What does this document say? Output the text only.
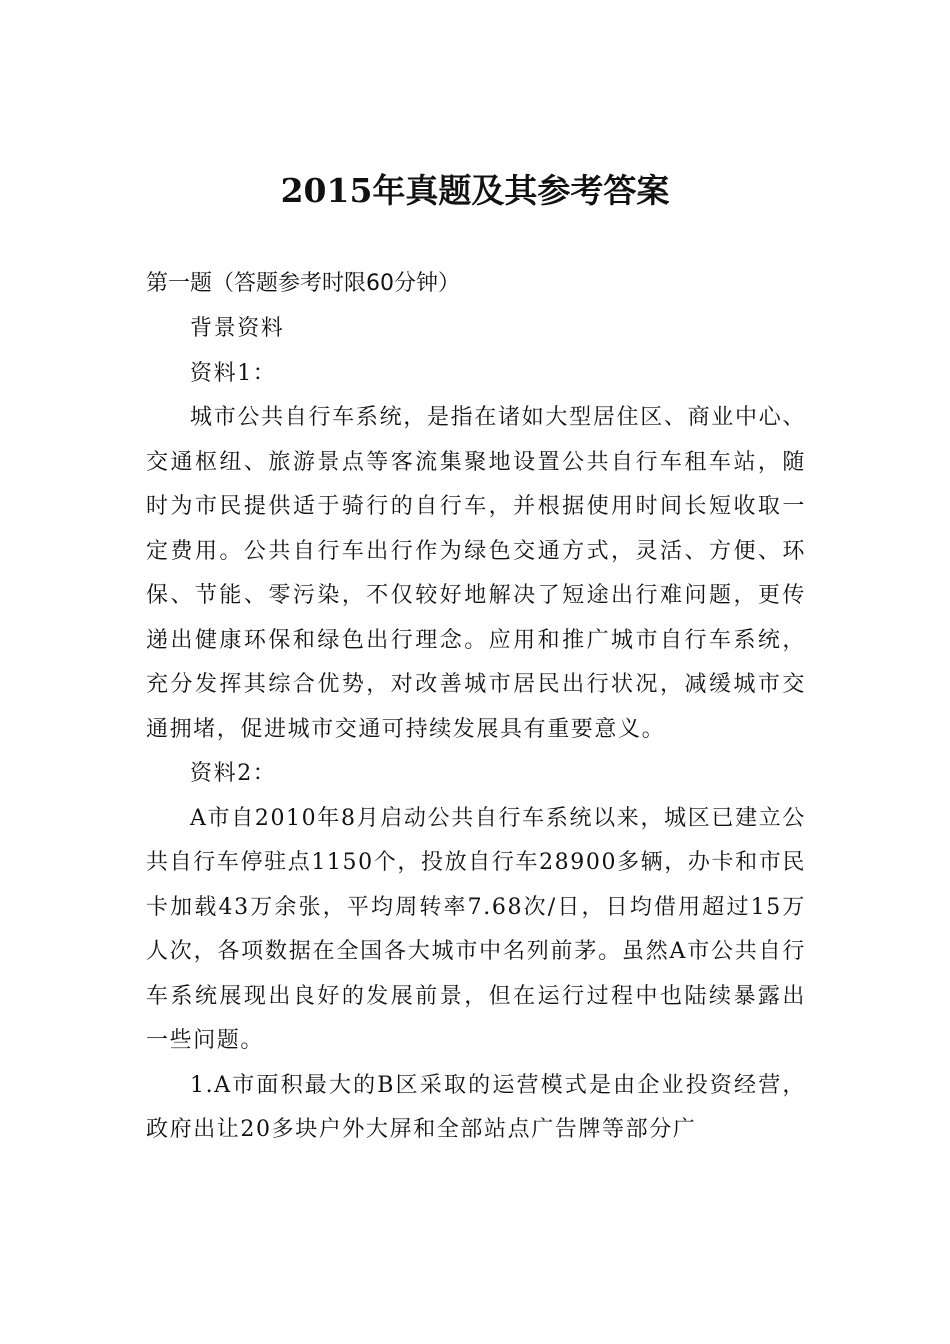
2015年真题及其参考答案
第一题（答题参考时限60分钟）

背景资料

资料1：

城市公共自行车系统，是指在诸如大型居住区、商业中心、交通枢纽、旅游景点等客流集聚地设置公共自行车租车站，随时为市民提供适于骑行的自行车，并根据使用时间长短收取一定费用。公共自行车出行作为绿色交通方式，灵活、方便、环保、节能、零污染，不仅较好地解决了短途出行难问题，更传递出健康环保和绿色出行理念。应用和推广城市自行车系统，充分发挥其综合优势，对改善城市居民出行状况，减缓城市交通拥堵，促进城市交通可持续发展具有重要意义。

资料2：

A市自2010年8月启动公共自行车系统以来，城区已建立公共自行车停驻点1150个，投放自行车28900多辆，办卡和市民卡加载43万余张，平均周转率7.68次/日，日均借用超过15万人次，各项数据在全国各大城市中名列前茅。虽然A市公共自行车系统展现出良好的发展前景，但在运行过程中也陆续暴露出一些问题。

1.A市面积最大的B区采取的运营模式是由企业投资经营，政府出让20多块户外大屏和全部站点广告牌等部分广
